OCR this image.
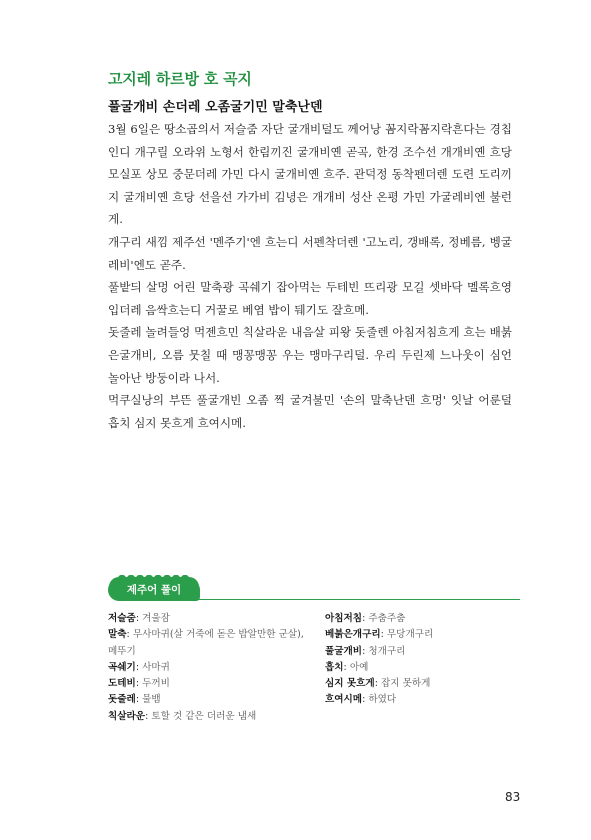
고지레 하르방 호 곡지
풀굴개비 손더레 오좀굴기민 말축난덴

3월 6일은 땅소곱의서 저슬줌 자단 굴개비덜도 께어낭 꼼지락꼼지락흔다는 경칩인디 개구릴 오라위 노형서 한림끼진 굴개비옌 곧곡, 한경 조수선 개개비옌 흐당 모실포 상모 중문더레 가민 다시 굴개비옌 흐주. 관덕정 동착펜더렌 도련 도리끼지 굴개비옌 흐당 선을선 가가비 김녕은 개개비 성산 온평 가민 가굴레비엔 불런게.

개구리 새낌 제주선 '멘주기'엔 흐는디 서펜착더렌 '고노리, 갱배록, 정베름, 벵굴레비'엔도 곧주.

풀밭듸 살멍 어린 말축광 곡쉐기 잡아먹는 두테빈 뜨리광 모길 셋바닥 멜록흐영 입더레 음싹흐는디 거꿀로 베염 밥이 뒈기도 잘흐메.

돗줄레 놀려들엉 먹젠흐민 칙살라운 내음살 피왕 돗줄렌 아침저침흐게 흐는 배붉은굴개비, 오름 뭇칠 때 맹꽁맹꽁 우는 맹마구리덜. 우리 두린제 느나웃이 심언 놀아난 방둥이라 나서.

먹쿠실낭의 부뜬 풀굴개빈 오좀 찍 굴겨불민 '손의 말축난덴 흐멍' 잇날 어룬덜 흡치 심지 못흐게 흐여시메.

제주어 풀이

저슬줌: 겨울잠

말축: 무사마귀(살 거죽에 돋은 밥알만한 군살), 메뚜기

곡쉐기: 사마귀

도테비: 두꺼비

돗줄레: 물뱀

칙살라운: 토할 것 같은 더러운 냄새

아침저침: 주춤주춤

베붉은개구리: 무당개구리

풀굴개비: 청개구리

흡치: 아예

심지 못흐게: 잡지 못하게

흐여시메: 하였다

83
